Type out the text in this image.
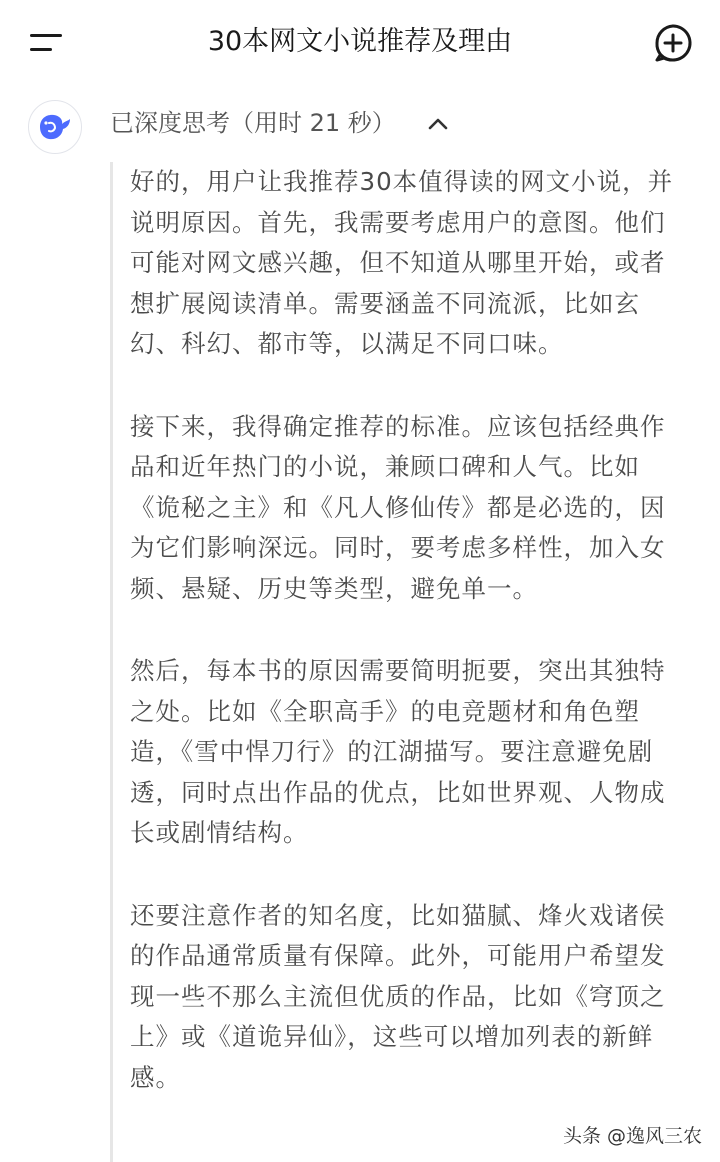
30本网文小说推荐及理由
已深度思考（用时 21 秒）

好的，用户让我推荐30本值得读的网文小说，并说明原因。首先，我需要考虑用户的意图。他们可能对网文感兴趣，但不知道从哪里开始，或者想扩展阅读清单。需要涵盖不同流派，比如玄幻、科幻、都市等，以满足不同口味。

接下来，我得确定推荐的标准。应该包括经典作品和近年热门的小说，兼顾口碑和人气。比如《诡秘之主》和《凡人修仙传》都是必选的，因为它们影响深远。同时，要考虑多样性，加入女频、悬疑、历史等类型，避免单一。

然后，每本书的原因需要简明扼要，突出其独特之处。比如《全职高手》的电竞题材和角色塑造，《雪中悍刀行》的江湖描写。要注意避免剧透，同时点出作品的优点，比如世界观、人物成长或剧情结构。

还要注意作者的知名度，比如猫腻、烽火戏诸侯的作品通常质量有保障。此外，可能用户希望发现一些不那么主流但优质的作品，比如《穹顶之上》或《道诡异仙》，这些可以增加列表的新鲜感。

头条 @逸风三农
